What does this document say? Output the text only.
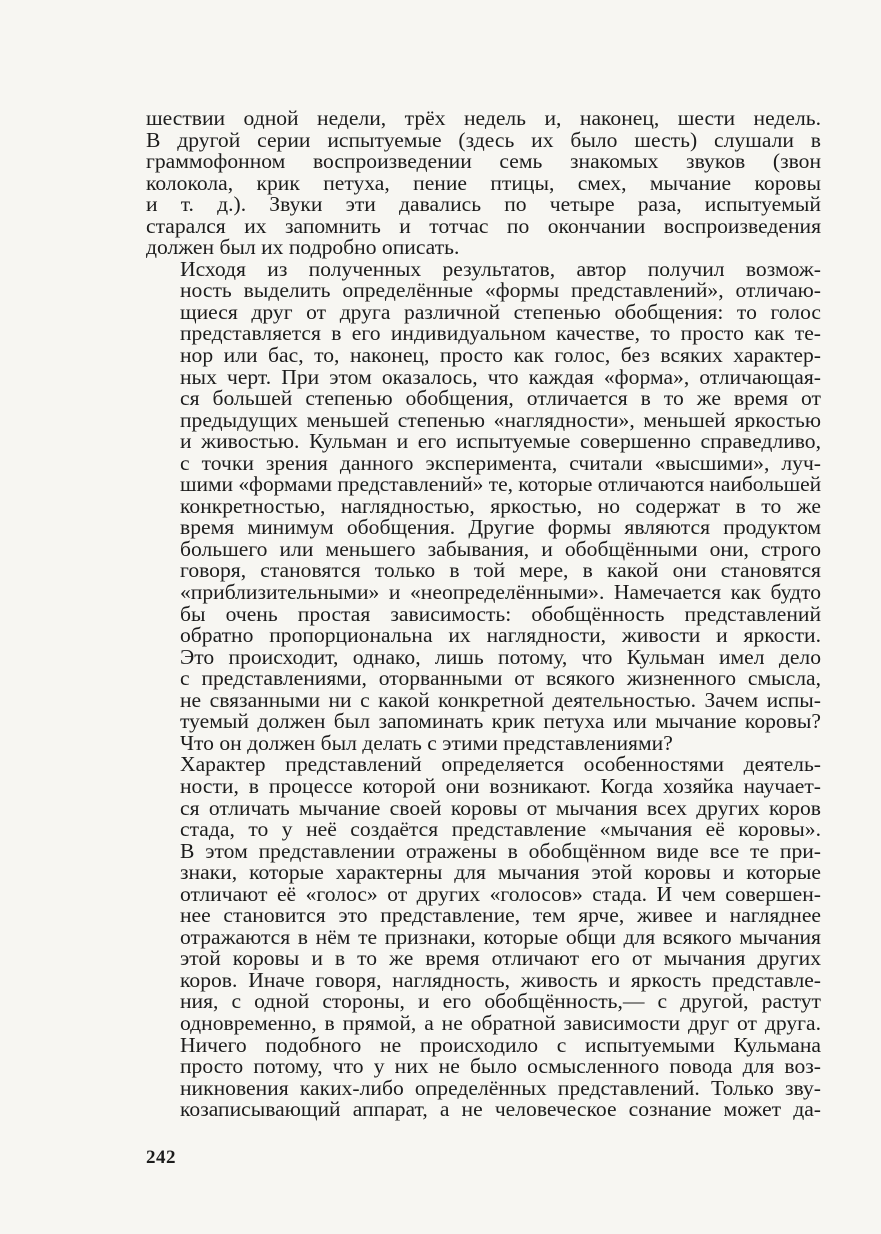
шествии одной недели, трёх недель и, наконец, шести недель.
В другой серии испытуемые (здесь их было шесть) слушали в
граммофонном воспроизведении семь знакомых звуков (звон
колокола, крик петуха, пение птицы, смех, мычание коровы
и т. д.). Звуки эти давались по четыре раза, испытуемый
старался их запомнить и тотчас по окончании воспроизведения
должен был их подробно описать.

Исходя из полученных результатов, автор получил возмож-
ность выделить определённые «формы представлений», отличаю-
щиеся друг от друга различной степенью обобщения: то голос
представляется в его индивидуальном качестве, то просто как те-
нор или бас, то, наконец, просто как голос, без всяких характер-
ных черт. При этом оказалось, что каждая «форма», отличающая-
ся большей степенью обобщения, отличается в то же время от
предыдущих меньшей степенью «наглядности», меньшей яркостью
и живостью. Кульман и его испытуемые совершенно справедливо,
с точки зрения данного эксперимента, считали «высшими», луч-
шими «формами представлений» те, которые отличаются наибольшей
конкретностью, наглядностью, яркостью, но содержат в то же
время минимум обобщения. Другие формы являются продуктом
большего или меньшего забывания, и обобщёнными они, строго
говоря, становятся только в той мере, в какой они становятся
«приблизительными» и «неопределёнными». Намечается как будто
бы очень простая зависимость: обобщённость представлений
обратно пропорциональна их наглядности, живости и яркости.
Это происходит, однако, лишь потому, что Кульман имел дело
с представлениями, оторванными от всякого жизненного смысла,
не связанными ни с какой конкретной деятельностью. Зачем испы-
туемый должен был запоминать крик петуха или мычание коровы?
Что он должен был делать с этими представлениями?

Характер представлений определяется особенностями деятель-
ности, в процессе которой они возникают. Когда хозяйка научает-
ся отличать мычание своей коровы от мычания всех других коров
стада, то у неё создаётся представление «мычания её коровы».
В этом представлении отражены в обобщённом виде все те при-
знаки, которые характерны для мычания этой коровы и которые
отличают её «голос» от других «голосов» стада. И чем совершен-
нее становится это представление, тем ярче, живее и нагляднее
отражаются в нём те признаки, которые общи для всякого мычания
этой коровы и в то же время отличают его от мычания других
коров. Иначе говоря, наглядность, живость и яркость представле-
ния, с одной стороны, и его обобщённость,— с другой, растут
одновременно, в прямой, а не обратной зависимости друг от друга.
Ничего подобного не происходило с испытуемыми Кульмана
просто потому, что у них не было осмысленного повода для воз-
никновения каких-либо определённых представлений. Только зву-
козаписывающий аппарат, а не человеческое сознание может да-

242
